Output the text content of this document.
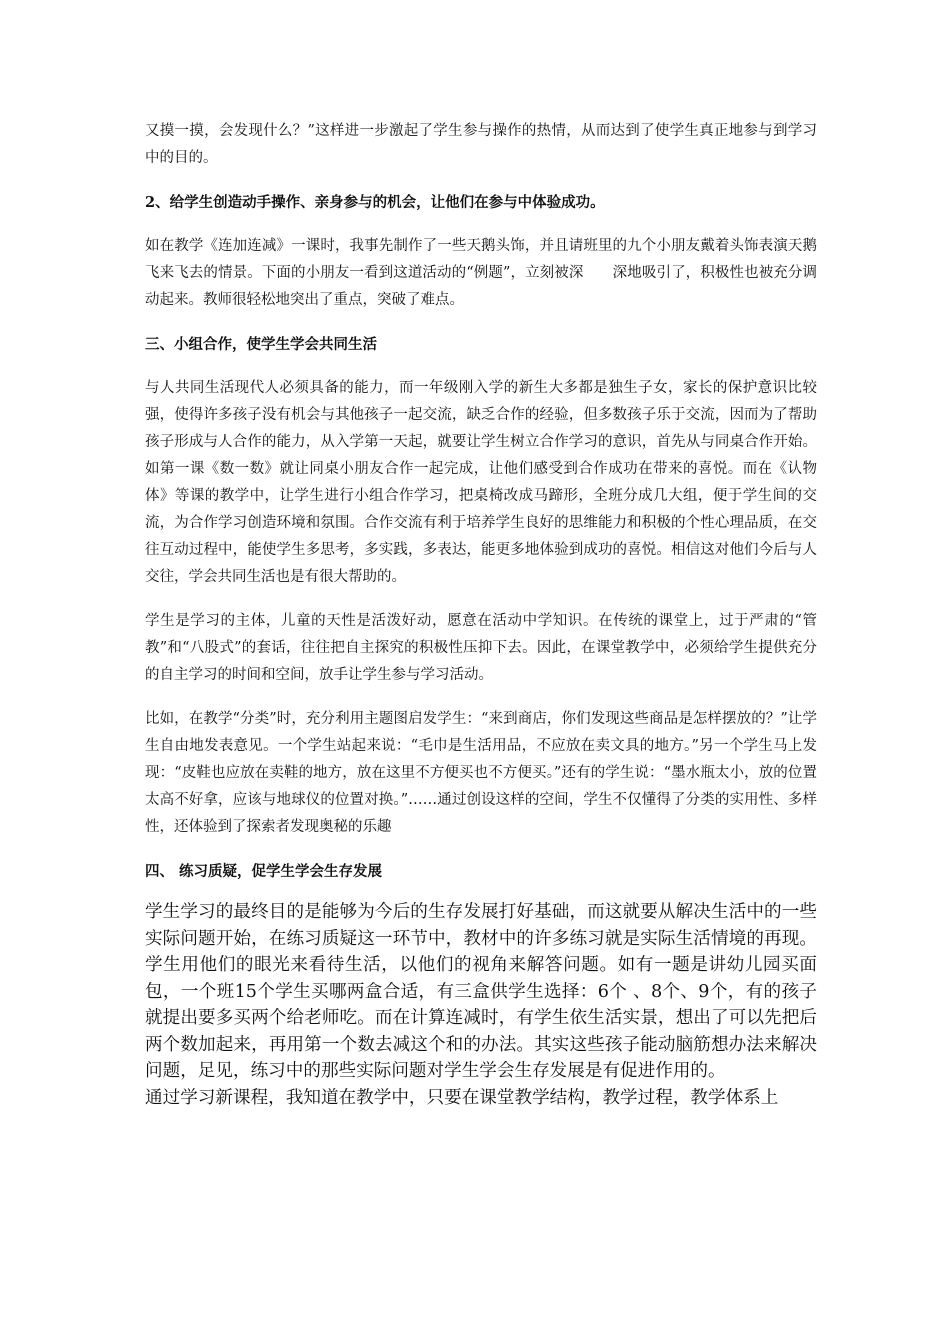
又摸一摸，会发现什么？”这样进一步激起了学生参与操作的热情，从而达到了使学生真正地参与到学习中的目的。

2、给学生创造动手操作、亲身参与的机会，让他们在参与中体验成功。

如在教学《连加连减》一课时，我事先制作了一些天鹅头饰，并且请班里的九个小朋友戴着头饰表演天鹅飞来飞去的情景。下面的小朋友一看到这道活动的“例题”，立刻被深　　深地吸引了，积极性也被充分调动起来。教师很轻松地突出了重点，突破了难点。

三、小组合作，使学生学会共同生活

与人共同生活现代人必须具备的能力，而一年级刚入学的新生大多都是独生子女，家长的保护意识比较强，使得许多孩子没有机会与其他孩子一起交流，缺乏合作的经验，但多数孩子乐于交流，因而为了帮助孩子形成与人合作的能力，从入学第一天起，就要让学生树立合作学习的意识，首先从与同桌合作开始。如第一课《数一数》就让同桌小朋友合作一起完成，让他们感受到合作成功在带来的喜悦。而在《认物体》等课的教学中，让学生进行小组合作学习，把桌椅改成马蹄形，全班分成几大组，便于学生间的交流，为合作学习创造环境和氛围。合作交流有利于培养学生良好的思维能力和积极的个性心理品质，在交往互动过程中，能使学生多思考，多实践，多表达，能更多地体验到成功的喜悦。相信这对他们今后与人交往，学会共同生活也是有很大帮助的。

学生是学习的主体，儿童的天性是活泼好动，愿意在活动中学知识。在传统的课堂上，过于严肃的“管教”和“八股式”的套话，往往把自主探究的积极性压抑下去。因此，在课堂教学中，必须给学生提供充分的自主学习的时间和空间，放手让学生参与学习活动。

比如，在教学“分类”时，充分利用主题图启发学生：“来到商店，你们发现这些商品是怎样摆放的？”让学生自由地发表意见。一个学生站起来说：“毛巾是生活用品，不应放在卖文具的地方。”另一个学生马上发现：“皮鞋也应放在卖鞋的地方，放在这里不方便买也不方便买。”还有的学生说：“墨水瓶太小，放的位置太高不好拿，应该与地球仪的位置对换。”……通过创设这样的空间，学生不仅懂得了分类的实用性、多样性，还体验到了探索者发现奥秘的乐趣

四、 练习质疑，促学生学会生存发展

学生学习的最终目的是能够为今后的生存发展打好基础，而这就要从解决生活中的一些实际问题开始，在练习质疑这一环节中，教材中的许多练习就是实际生活情境的再现。学生用他们的眼光来看待生活，以他们的视角来解答问题。如有一题是讲幼儿园买面包，一个班15个学生买哪两盒合适，有三盒供学生选择：6个 、8个、9个，有的孩子就提出要多买两个给老师吃。而在计算连减时，有学生依生活实景，想出了可以先把后两个数加起来，再用第一个数去减这个和的办法。其实这些孩子能动脑筋想办法来解决问题，足见，练习中的那些实际问题对学生学会生存发展是有促进作用的。

通过学习新课程，我知道在教学中，只要在课堂教学结构，教学过程，教学体系上
